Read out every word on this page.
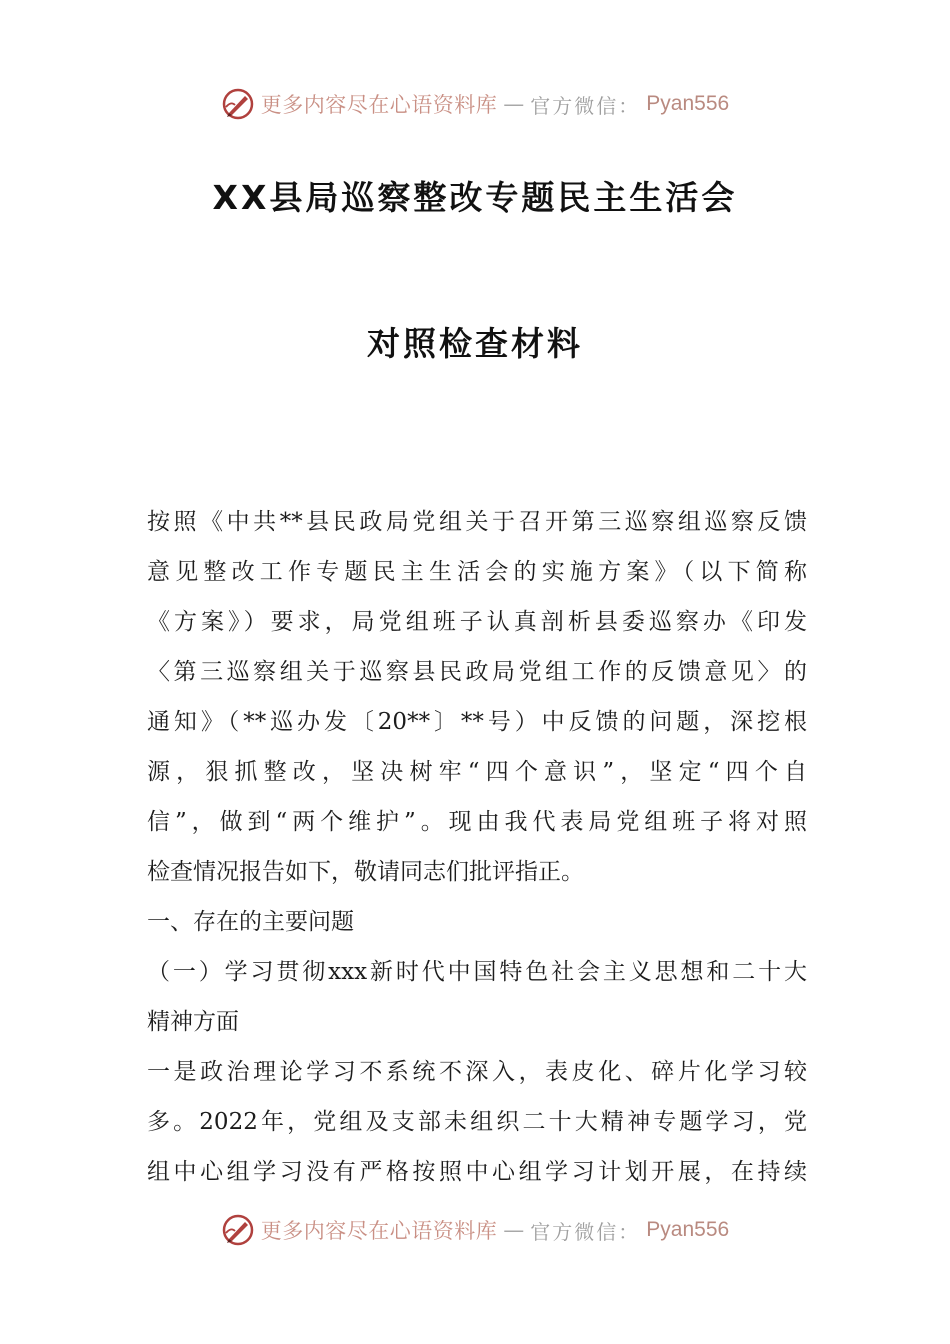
更多内容尽在心语资料库 — 官方微信： Pyan556
XX县局巡察整改专题民主生活会
对照检查材料
按照《中共**县民政局党组关于召开第三巡察组巡察反馈
意见整改工作专题民主生活会的实施方案》（以下简称
《方案》）要求，局党组班子认真剖析县委巡察办《印发
〈第三巡察组关于巡察县民政局党组工作的反馈意见〉的
通知》（**巡办发〔20**〕**号）中反馈的问题，深挖根
源，狠抓整改，坚决树牢“四个意识”，坚定“四个自
信”，做到“两个维护”。现由我代表局党组班子将对照
检查情况报告如下，敬请同志们批评指正。
一、存在的主要问题
（一）学习贯彻xxx新时代中国特色社会主义思想和二十大
精神方面
一是政治理论学习不系统不深入，表皮化、碎片化学习较
多。2022年，党组及支部未组织二十大精神专题学习，党
组中心组学习没有严格按照中心组学习计划开展，在持续
更多内容尽在心语资料库 — 官方微信： Pyan556
